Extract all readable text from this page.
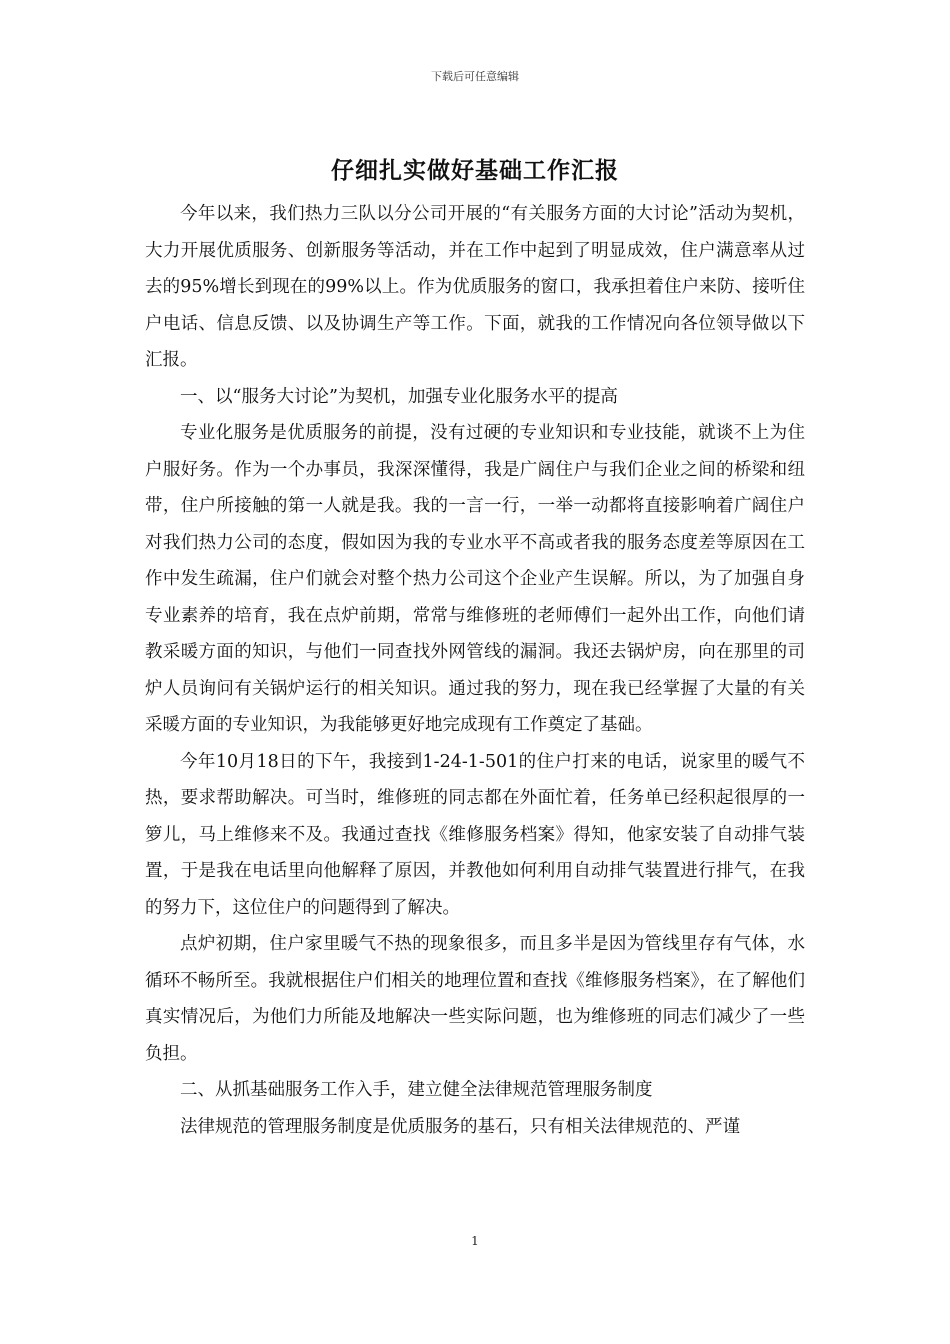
下载后可任意编辑
仔细扎实做好基础工作汇报

今年以来，我们热力三队以分公司开展的“有关服务方面的大讨论”活动为契机，大力开展优质服务、创新服务等活动，并在工作中起到了明显成效，住户满意率从过去的95%增长到现在的99%以上。作为优质服务的窗口，我承担着住户来防、接听住户电话、信息反馈、以及协调生产等工作。下面，就我的工作情况向各位领导做以下汇报。

一、以“服务大讨论”为契机，加强专业化服务水平的提高

专业化服务是优质服务的前提，没有过硬的专业知识和专业技能，就谈不上为住户服好务。作为一个办事员，我深深懂得，我是广阔住户与我们企业之间的桥梁和纽带，住户所接触的第一人就是我。我的一言一行，一举一动都将直接影响着广阔住户对我们热力公司的态度，假如因为我的专业水平不高或者我的服务态度差等原因在工作中发生疏漏，住户们就会对整个热力公司这个企业产生误解。所以，为了加强自身专业素养的培育，我在点炉前期，常常与维修班的老师傅们一起外出工作，向他们请教采暖方面的知识，与他们一同查找外网管线的漏洞。我还去锅炉房，向在那里的司炉人员询问有关锅炉运行的相关知识。通过我的努力，现在我已经掌握了大量的有关采暖方面的专业知识，为我能够更好地完成现有工作奠定了基础。

今年10月18日的下午，我接到1-24-1-501的住户打来的电话，说家里的暖气不热，要求帮助解决。可当时，维修班的同志都在外面忙着，任务单已经积起很厚的一箩儿，马上维修来不及。我通过查找《维修服务档案》得知，他家安装了自动排气装置，于是我在电话里向他解释了原因，并教他如何利用自动排气装置进行排气，在我的努力下，这位住户的问题得到了解决。

点炉初期，住户家里暖气不热的现象很多，而且多半是因为管线里存有气体，水循环不畅所至。我就根据住户们相关的地理位置和查找《维修服务档案》，在了解他们真实情况后，为他们力所能及地解决一些实际问题，也为维修班的同志们减少了一些负担。

二、从抓基础服务工作入手，建立健全法律规范管理服务制度

法律规范的管理服务制度是优质服务的基石，只有相关法律规范的、严谨

1
